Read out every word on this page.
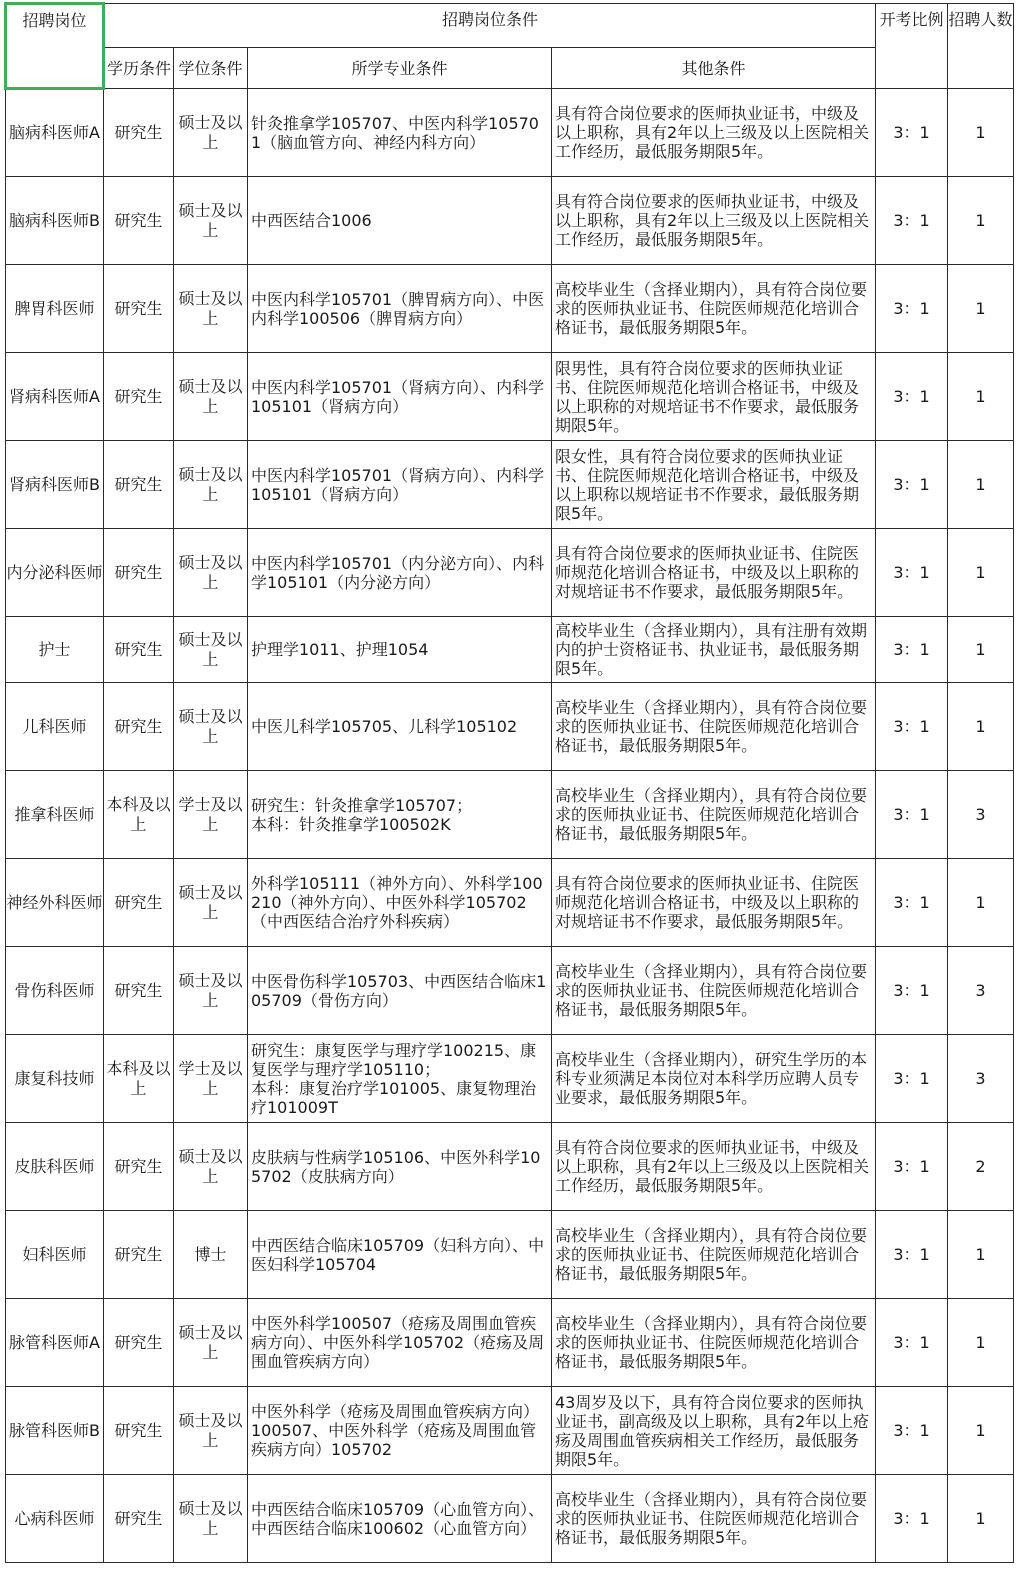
招聘岗位	招聘岗位条件				开考比例	招聘人数
	学历条件	学位条件	所学专业条件	其他条件		
脑病科医师A	研究生	硕士及以上	针灸推拿学105707、中医内科学105701（脑血管方向、神经内科方向）	具有符合岗位要求的医师执业证书，中级及以上职称，具有2年以上三级及以上医院相关工作经历，最低服务期限5年。	3：1	1
脑病科医师B	研究生	硕士及以上	中西医结合1006	具有符合岗位要求的医师执业证书，中级及以上职称，具有2年以上三级及以上医院相关工作经历，最低服务期限5年。	3：1	1
脾胃科医师	研究生	硕士及以上	中医内科学105701（脾胃病方向）、中医内科学100506（脾胃病方向）	高校毕业生（含择业期内），具有符合岗位要求的医师执业证书、住院医师规范化培训合格证书，最低服务期限5年。	3：1	1
肾病科医师A	研究生	硕士及以上	中医内科学105701（肾病方向）、内科学105101（肾病方向）	限男性，具有符合岗位要求的医师执业证书、住院医师规范化培训合格证书，中级及以上职称的对规培证书不作要求，最低服务期限5年。	3：1	1
肾病科医师B	研究生	硕士及以上	中医内科学105701（肾病方向）、内科学105101（肾病方向）	限女性，具有符合岗位要求的医师执业证书、住院医师规范化培训合格证书，中级及以上职称以规培证书不作要求，最低服务期限5年。	3：1	1
内分泌科医师	研究生	硕士及以上	中医内科学105701（内分泌方向）、内科学105101（内分泌方向）	具有符合岗位要求的医师执业证书、住院医师规范化培训合格证书，中级及以上职称的对规培证书不作要求，最低服务期限5年。	3：1	1
护士	研究生	硕士及以上	护理学1011、护理1054	高校毕业生（含择业期内），具有注册有效期内的护士资格证书、执业证书，最低服务期限5年。	3：1	1
儿科医师	研究生	硕士及以上	中医儿科学105705、儿科学105102	高校毕业生（含择业期内），具有符合岗位要求的医师执业证书、住院医师规范化培训合格证书，最低服务期限5年。	3：1	1
推拿科医师	本科及以上	学士及以上	研究生：针灸推拿学105707；
本科：针灸推拿学100502K	高校毕业生（含择业期内），具有符合岗位要求的医师执业证书、住院医师规范化培训合格证书，最低服务期限5年。	3：1	3
神经外科医师	研究生	硕士及以上	外科学105111（神外方向）、外科学100210（神外方向）、中医外科学105702（中西医结合治疗外科疾病）	具有符合岗位要求的医师执业证书、住院医师规范化培训合格证书，中级及以上职称的对规培证书不作要求，最低服务期限5年。	3：1	1
骨伤科医师	研究生	硕士及以上	中医骨伤科学105703、中西医结合临床105709（骨伤方向）	高校毕业生（含择业期内），具有符合岗位要求的医师执业证书、住院医师规范化培训合格证书，最低服务期限5年。	3：1	3
康复科技师	本科及以上	学士及以上	研究生：康复医学与理疗学100215、康复医学与理疗学105110；
本科：康复治疗学101005、康复物理治疗101009T	高校毕业生（含择业期内），研究生学历的本科专业须满足本岗位对本科学历应聘人员专业要求，最低服务期限5年。	3：1	3
皮肤科医师	研究生	硕士及以上	皮肤病与性病学105106、中医外科学105702（皮肤病方向）	具有符合岗位要求的医师执业证书，中级及以上职称，具有2年以上三级及以上医院相关工作经历，最低服务期限5年。	3：1	2
妇科医师	研究生	博士	中西医结合临床105709（妇科方向）、中医妇科学105704	高校毕业生（含择业期内），具有符合岗位要求的医师执业证书、住院医师规范化培训合格证书，最低服务期限5年。	3：1	1
脉管科医师A	研究生	硕士及以上	中医外科学100507（疮疡及周围血管疾病方向）、中医外科学105702（疮疡及周围血管疾病方向）	高校毕业生（含择业期内），具有符合岗位要求的医师执业证书、住院医师规范化培训合格证书，最低服务期限5年。	3：1	1
脉管科医师B	研究生	硕士及以上	中医外科学（疮疡及周围血管疾病方向）100507、中医外科学（疮疡及周围血管疾病方向）105702	43周岁及以下，具有符合岗位要求的医师执业证书，副高级及以上职称，具有2年以上疮疡及周围血管疾病相关工作经历，最低服务期限5年。	3：1	1
心病科医师	研究生	硕士及以上	中西医结合临床105709（心血管方向）、中西医结合临床100602（心血管方向）	高校毕业生（含择业期内），具有符合岗位要求的医师执业证书、住院医师规范化培训合格证书，最低服务期限5年。	3：1	1
